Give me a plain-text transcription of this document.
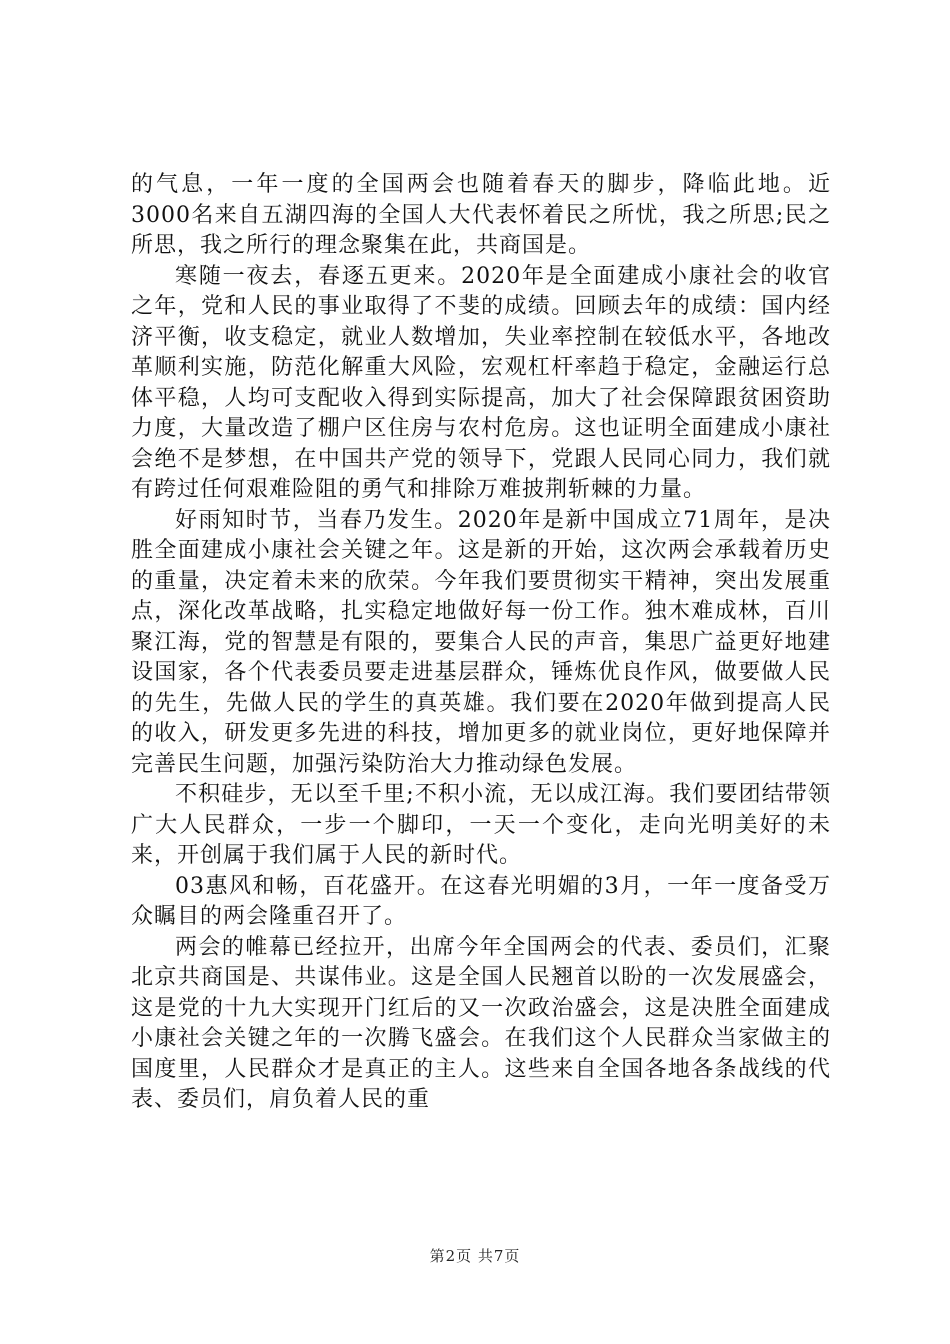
的气息，一年一度的全国两会也随着春天的脚步，降临此地。近3000名来自五湖四海的全国人大代表怀着民之所忧，我之所思;民之所思，我之所行的理念聚集在此，共商国是。

寒随一夜去，春逐五更来。2020年是全面建成小康社会的收官之年，党和人民的事业取得了不斐的成绩。回顾去年的成绩：国内经济平衡，收支稳定，就业人数增加，失业率控制在较低水平，各地改革顺利实施，防范化解重大风险，宏观杠杆率趋于稳定，金融运行总体平稳，人均可支配收入得到实际提高，加大了社会保障跟贫困资助力度，大量改造了棚户区住房与农村危房。这也证明全面建成小康社会绝不是梦想，在中国共产党的领导下，党跟人民同心同力，我们就有跨过任何艰难险阻的勇气和排除万难披荆斩棘的力量。

好雨知时节，当春乃发生。2020年是新中国成立71周年，是决胜全面建成小康社会关键之年。这是新的开始，这次两会承载着历史的重量，决定着未来的欣荣。今年我们要贯彻实干精神，突出发展重点，深化改革战略，扎实稳定地做好每一份工作。独木难成林，百川聚江海，党的智慧是有限的，要集合人民的声音，集思广益更好地建设国家，各个代表委员要走进基层群众，锤炼优良作风，做要做人民的先生，先做人民的学生的真英雄。我们要在2020年做到提高人民的收入，研发更多先进的科技，增加更多的就业岗位，更好地保障并完善民生问题，加强污染防治大力推动绿色发展。

不积硅步，无以至千里;不积小流，无以成江海。我们要团结带领广大人民群众，一步一个脚印，一天一个变化，走向光明美好的未来，开创属于我们属于人民的新时代。

03惠风和畅，百花盛开。在这春光明媚的3月，一年一度备受万众瞩目的两会隆重召开了。

两会的帷幕已经拉开，出席今年全国两会的代表、委员们，汇聚北京共商国是、共谋伟业。这是全国人民翘首以盼的一次发展盛会，这是党的十九大实现开门红后的又一次政治盛会，这是决胜全面建成小康社会关键之年的一次腾飞盛会。在我们这个人民群众当家做主的国度里，人民群众才是真正的主人。这些来自全国各地各条战线的代表、委员们，肩负着人民的重

第2页 共7页
